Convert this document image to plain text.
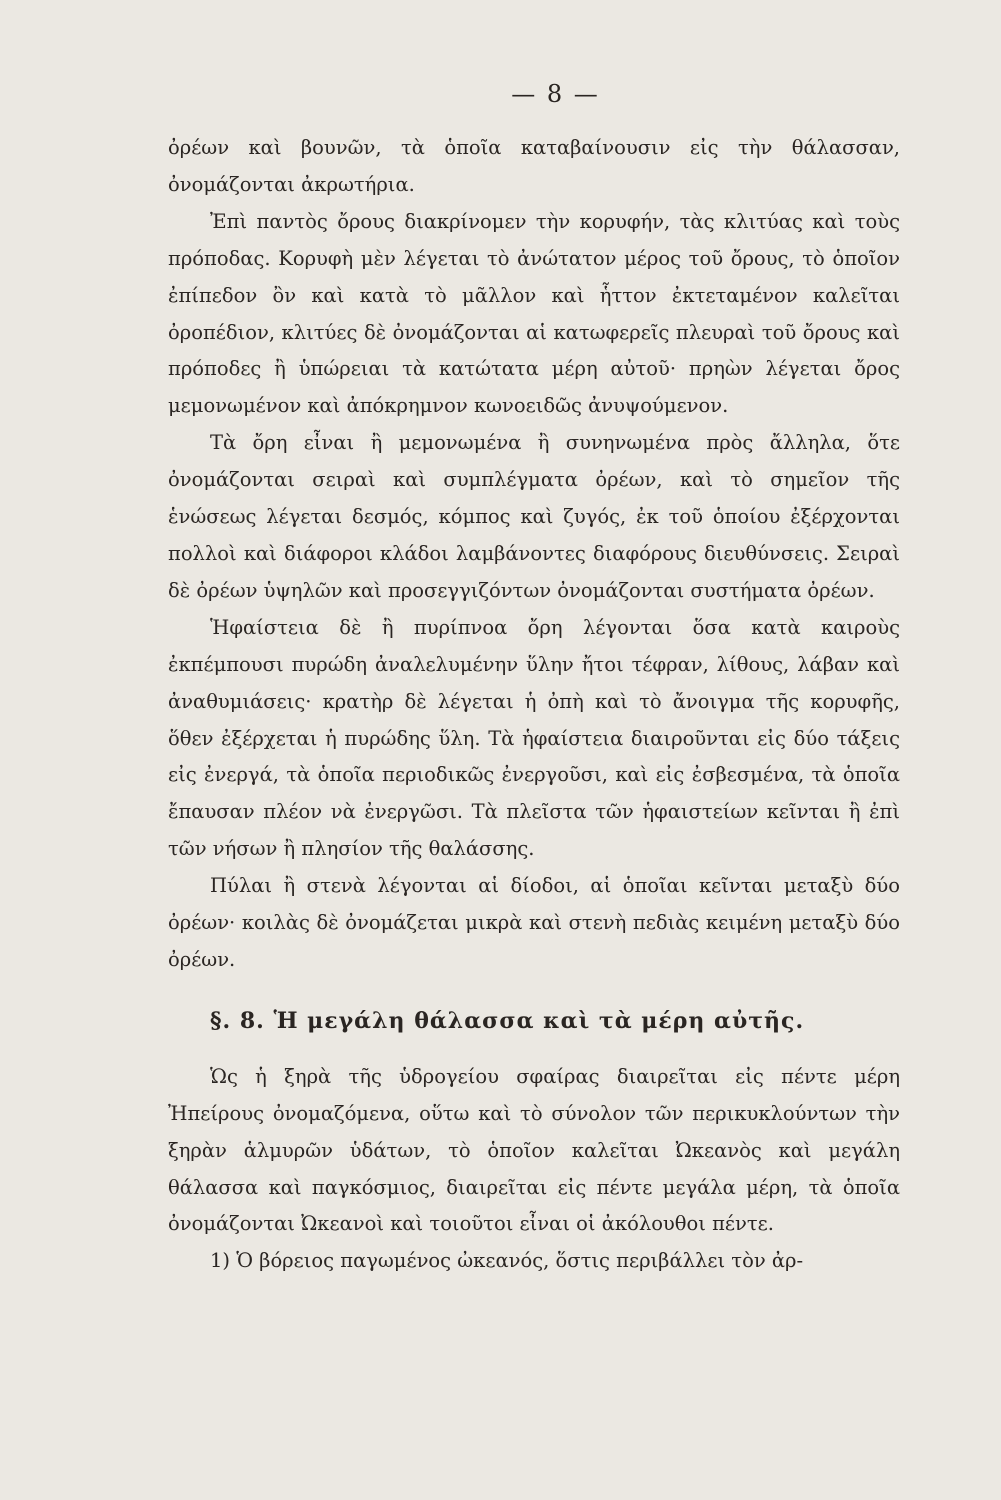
— 8 —

ὀρέων καὶ βουνῶν, τὰ ὁποῖα καταβαίνουσιν εἰς τὴν θάλασσαν, ὀνομάζονται ἀκρωτήρια.

Ἐπὶ παντὸς ὄρους διακρίνομεν τὴν κορυφήν, τὰς κλιτύας καὶ τοὺς πρόποδας. Κορυφὴ μὲν λέγεται τὸ ἀνώτατον μέρος τοῦ ὄρους, τὸ ὁποῖον ἐπίπεδον ὂν καὶ κατὰ τὸ μᾶλλον καὶ ἧττον ἐκτεταμένον καλεῖται ὀροπέδιον, κλιτύες δὲ ὀνομάζονται αἱ κατωφερεῖς πλευραὶ τοῦ ὄρους καὶ πρόποδες ἢ ὑπώρειαι τὰ κατώτατα μέρη αὐτοῦ· πρηὼν λέγεται ὄρος μεμονωμένον καὶ ἀπόκρημνον κωνοειδῶς ἀνυψούμενον.

Τὰ ὄρη εἶναι ἢ μεμονωμένα ἢ συνηνωμένα πρὸς ἄλληλα, ὅτε ὀνομάζονται σειραὶ καὶ συμπλέγματα ὀρέων, καὶ τὸ σημεῖον τῆς ἑνώσεως λέγεται δεσμός, κόμπος καὶ ζυγός, ἐκ τοῦ ὁποίου ἐξέρχονται πολλοὶ καὶ διάφοροι κλάδοι λαμβάνοντες διαφόρους διευθύνσεις. Σειραὶ δὲ ὀρέων ὑψηλῶν καὶ προσεγγιζόντων ὀνομάζονται συστήματα ὀρέων.

Ἡφαίστεια δὲ ἢ πυρίπνοα ὄρη λέγονται ὅσα κατὰ καιροὺς ἐκπέμπουσι πυρώδη ἀναλελυμένην ὕλην ἤτοι τέφραν, λίθους, λάβαν καὶ ἀναθυμιάσεις· κρατὴρ δὲ λέγεται ἡ ὀπὴ καὶ τὸ ἄνοιγμα τῆς κορυφῆς, ὅθεν ἐξέρχεται ἡ πυρώδης ὕλη. Τὰ ἡφαίστεια διαιροῦνται εἰς δύο τάξεις εἰς ἐνεργά, τὰ ὁποῖα περιοδικῶς ἐνεργοῦσι, καὶ εἰς ἐσβεσμένα, τὰ ὁποῖα ἔπαυσαν πλέον νὰ ἐνεργῶσι. Τὰ πλεῖστα τῶν ἡφαιστείων κεῖνται ἢ ἐπὶ τῶν νήσων ἢ πλησίον τῆς θαλάσσης.

Πύλαι ἢ στενὰ λέγονται αἱ δίοδοι, αἱ ὁποῖαι κεῖνται μεταξὺ δύο ὀρέων· κοιλὰς δὲ ὀνομάζεται μικρὰ καὶ στενὴ πεδιὰς κειμένη μεταξὺ δύο ὀρέων.

§. 8. Ἡ μεγάλη θάλασσα καὶ τὰ μέρη αὐτῆς.

Ὡς ἡ ξηρὰ τῆς ὑδρογείου σφαίρας διαιρεῖται εἰς πέντε μέρη Ἠπείρους ὀνομαζόμενα, οὕτω καὶ τὸ σύνολον τῶν περικυκλούντων τὴν ξηρὰν ἁλμυρῶν ὑδάτων, τὸ ὁποῖον καλεῖται Ὠκεανὸς καὶ μεγάλη θάλασσα καὶ παγκόσμιος, διαιρεῖται εἰς πέντε μεγάλα μέρη, τὰ ὁποῖα ὀνομάζονται Ὠκεανοὶ καὶ τοιοῦτοι εἶναι οἱ ἀκόλουθοι πέντε.

1) Ὁ βόρειος παγωμένος ὠκεανός, ὅστις περιβάλλει τὸν ἀρ-
